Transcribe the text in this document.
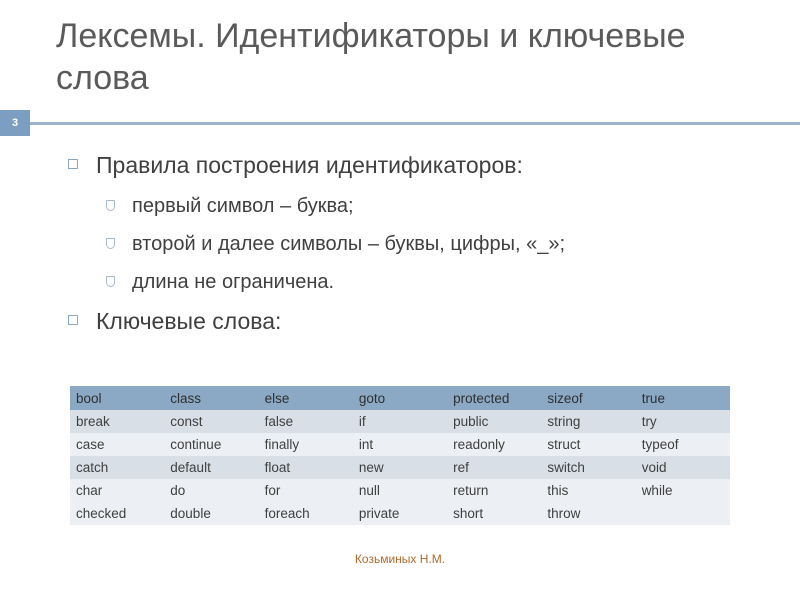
Лексемы. Идентификаторы и ключевые слова
3
Правила построения идентификаторов:
первый символ – буква;
второй и далее символы – буквы, цифры, «_»;
длина не ограничена.
Ключевые слова:
bool	class	else	goto	protected	sizeof	true
break	const	false	if	public	string	try
case	continue	finally	int	readonly	struct	typeof
catch	default	float	new	ref	switch	void
char	do	for	null	return	this	while
checked	double	foreach	private	short	throw	
Козьминых Н.М.
